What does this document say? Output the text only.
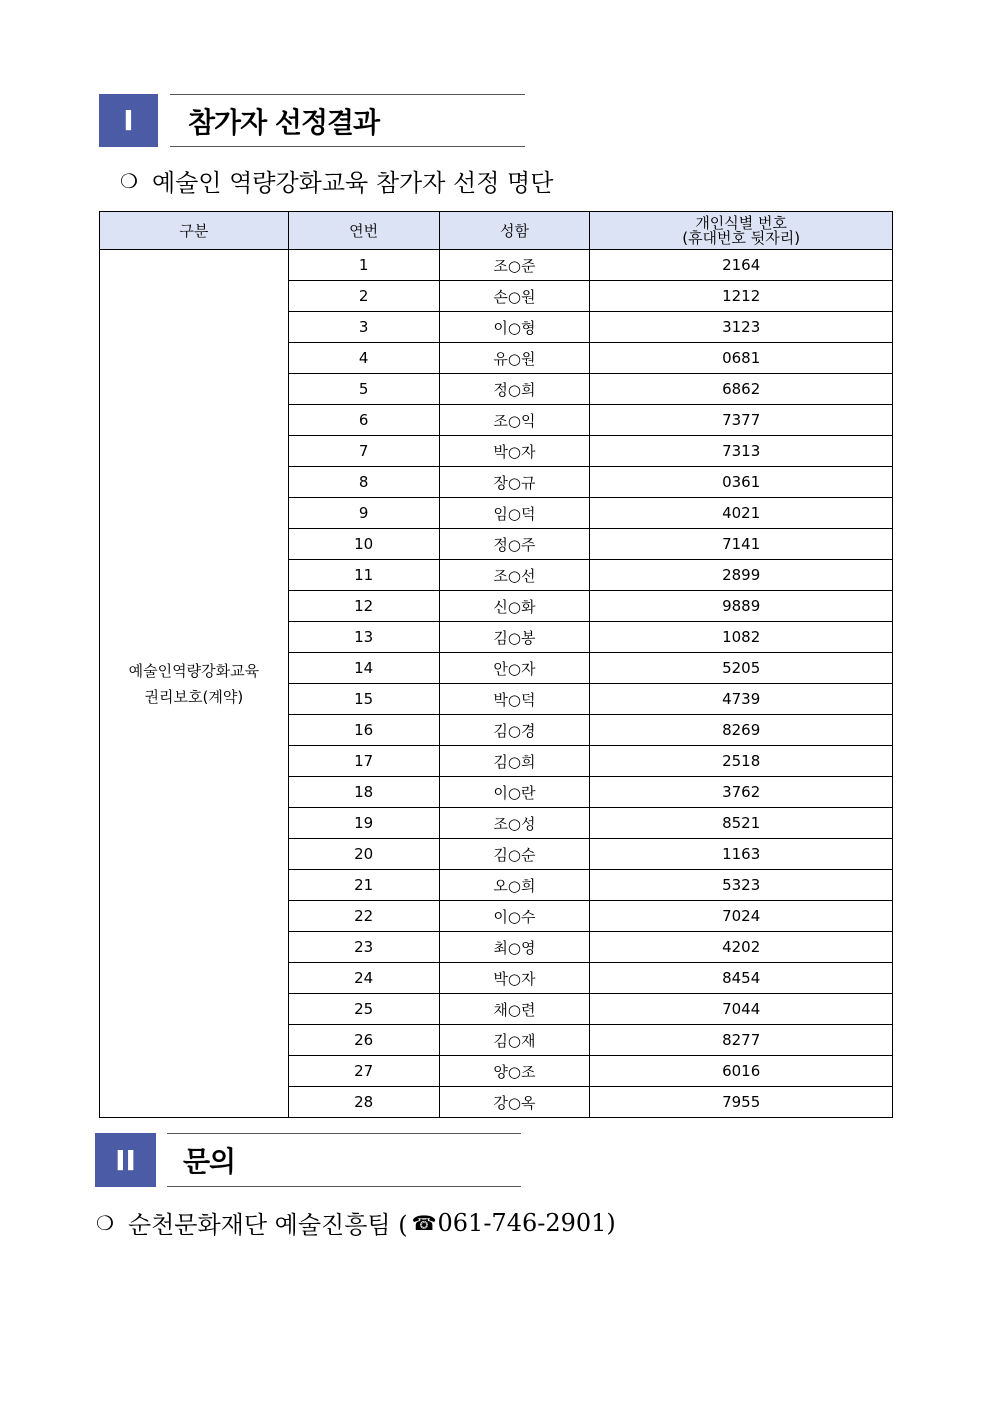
I	참가자 선정결과
❍ 예술인 역량강화교육 참가자 선정 명단
구분	연번	성함	개인식별 번호
(휴대번호 뒷자리)

예술인역량강화교육
권리보호(계약)	1	조○준	2164
	2	손○원	1212
	3	이○형	3123
	4	유○원	0681
	5	정○희	6862
	6	조○익	7377
	7	박○자	7313
	8	장○규	0361
	9	임○덕	4021
	10	정○주	7141
	11	조○선	2899
	12	신○화	9889
	13	김○봉	1082
	14	안○자	5205
	15	박○덕	4739
	16	김○경	8269
	17	김○희	2518
	18	이○란	3762
	19	조○성	8521
	20	김○순	1163
	21	오○희	5323
	22	이○수	7024
	23	최○영	4202
	24	박○자	8454
	25	채○련	7044
	26	김○재	8277
	27	양○조	6016
	28	강○옥	7955
II	문의
❍ 순천문화재단 예술진흥팀 ( ☎ 061-746-2901)
